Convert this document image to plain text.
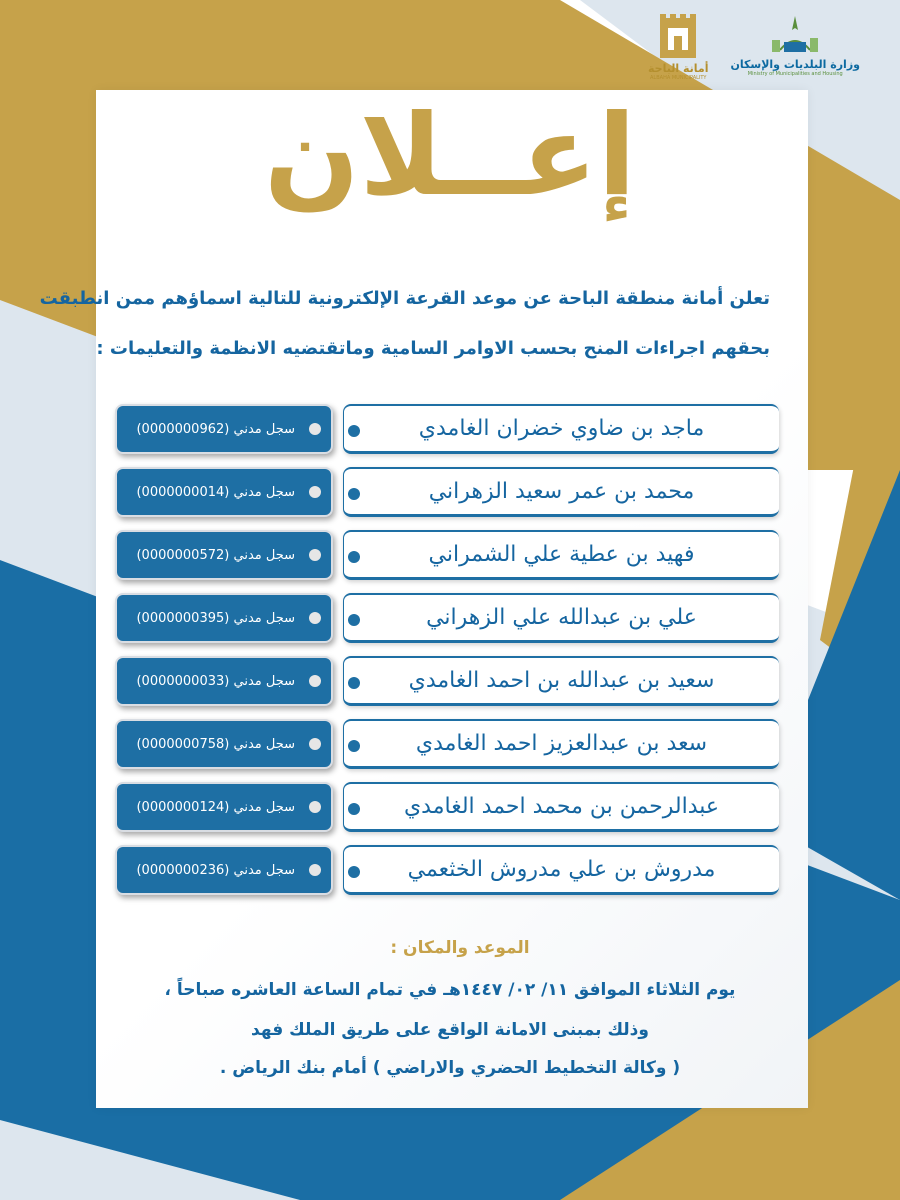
أمانة الباحة
ALBAHA MUNICIPALITY
وزارة البلديات والإسكان
Ministry of Municipalities and Housing
إعــلان
تعلن أمانة منطقة الباحة عن موعد القرعة الإلكترونية للتالية اسماؤهم ممن انطبقت
بحقهم اجراءات المنح بحسب الاوامر السامية وماتقتضيه الانظمة والتعليمات :
سجل مدني

(0000000962)	ماجد بن ضاوي خضران الغامدي
سجل مدني

(0000000014)	محمد بن عمر سعيد الزهراني
سجل مدني

(0000000572)	فهيد بن عطية علي الشمراني
سجل مدني

(0000000395)	علي بن عبدالله علي الزهراني
سجل مدني

(0000000033)	سعيد بن عبدالله بن احمد الغامدي
سجل مدني

(0000000758)	سعد بن عبدالعزيز احمد الغامدي
سجل مدني

(0000000124)	عبدالرحمن بن محمد احمد الغامدي
سجل مدني

(0000000236)	مدروش بن علي مدروش الخثعمي
الموعد والمكان :
يوم الثلاثاء الموافق ١١/ ٠٢/ ١٤٤٧هـ في تمام الساعة العاشره صباحاً ،
وذلك بمبنى الامانة الواقع على طريق الملك فهد
( وكالة التخطيط الحضري والاراضي ) أمام بنك الرياض .
